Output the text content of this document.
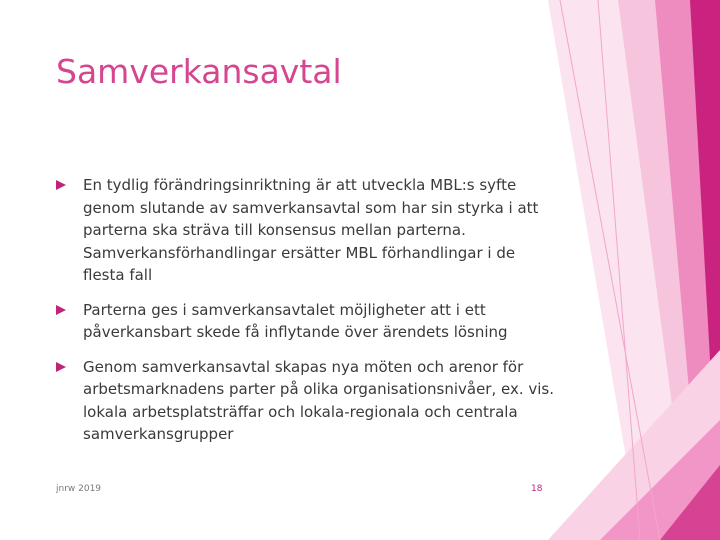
Samverkansavtal
En tydlig förändringsinriktning är att utveckla MBL:s syfte genom slutande av samverkansavtal som har sin styrka i att parterna ska sträva till konsensus mellan parterna. Samverkansförhandlingar ersätter MBL förhandlingar i de flesta fall
Parterna ges i samverkansavtalet möjligheter att i ett påverkansbart skede få inflytande över ärendets lösning
Genom samverkansavtal skapas nya möten och arenor för arbetsmarknadens parter på olika organisationsnivåer, ex. vis. lokala arbetsplatsträffar och lokala-regionala och centrala samverkansgrupper
jnrw 2019	18
